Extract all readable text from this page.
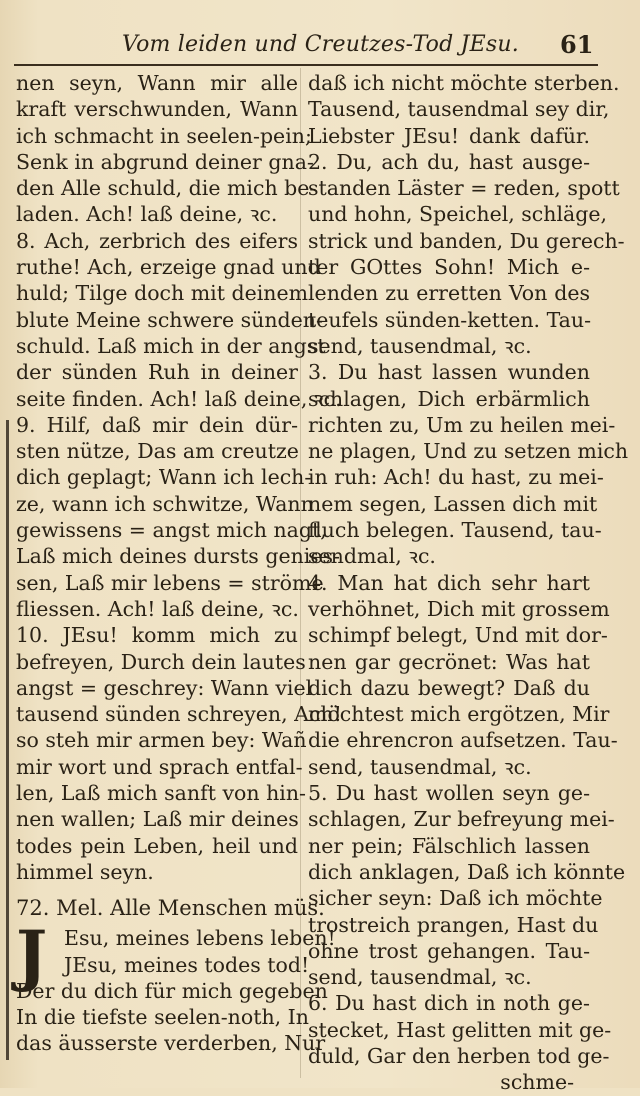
Vom leiden und Creutzes-Tod JEsu. 61
nen seyn, Wann mir alle
kraft verschwunden, Wann
ich schmacht in seelen-pein;
Senk in abgrund deiner gna-
den Alle schuld, die mich be-
laden. Ach! laß deine, ꝛc.
8. Ach, zerbrich des eifers
ruthe! Ach, erzeige gnad und
huld; Tilge doch mit deinem
blute Meine schwere sünden-
schuld. Laß mich in der angst
der sünden Ruh in deiner
seite finden. Ach! laß deine, ꝛc.
9. Hilf, daß mir dein dür-
sten nütze, Das am creutze
dich geplagt; Wann ich lech-
ze, wann ich schwitze, Wann
gewissens = angst mich nagt,
Laß mich deines dursts genies-
sen, Laß mir lebens = ströme
fliessen. Ach! laß deine, ꝛc.
10. JEsu! komm mich zu
befreyen, Durch dein lautes
angst = geschrey: Wann viel
tausend sünden schreyen, Ach!
so steh mir armen bey: Wañ
mir wort und sprach entfal-
len, Laß mich sanft von hin-
nen wallen; Laß mir deines
todes pein Leben, heil und
himmel seyn.
72. Mel. Alle Menschen müs.
J Esu, meines lebens leben!
JEsu, meines todes tod!
Der du dich für mich gegeben
In die tiefste seelen-noth, In
das äusserste verderben, Nur
daß ich nicht möchte sterben.
Tausend, tausendmal sey dir,
Liebster JEsu! dank dafür.
2. Du, ach du, hast ausge-
standen Läster = reden, spott
und hohn, Speichel, schläge,
strick und banden, Du gerech-
ter GOttes Sohn! Mich e-
lenden zu erretten Von des
teufels sünden-ketten. Tau-
send, tausendmal, ꝛc.
3. Du hast lassen wunden
schlagen, Dich erbärmlich
richten zu, Um zu heilen mei-
ne plagen, Und zu setzen mich
in ruh: Ach! du hast, zu mei-
nem segen, Lassen dich mit
fluch belegen. Tausend, tau-
sendmal, ꝛc.
4. Man hat dich sehr hart
verhöhnet, Dich mit grossem
schimpf belegt, Und mit dor-
nen gar gecrönet: Was hat
dich dazu bewegt? Daß du
möchtest mich ergötzen, Mir
die ehrencron aufsetzen. Tau-
send, tausendmal, ꝛc.
5. Du hast wollen seyn ge-
schlagen, Zur befreyung mei-
ner pein; Fälschlich lassen
dich anklagen, Daß ich könnte
sicher seyn: Daß ich möchte
trostreich prangen, Hast du
ohne trost gehangen. Tau-
send, tausendmal, ꝛc.
6. Du hast dich in noth ge-
stecket, Hast gelitten mit ge-
duld, Gar den herben tod ge-
schme-
